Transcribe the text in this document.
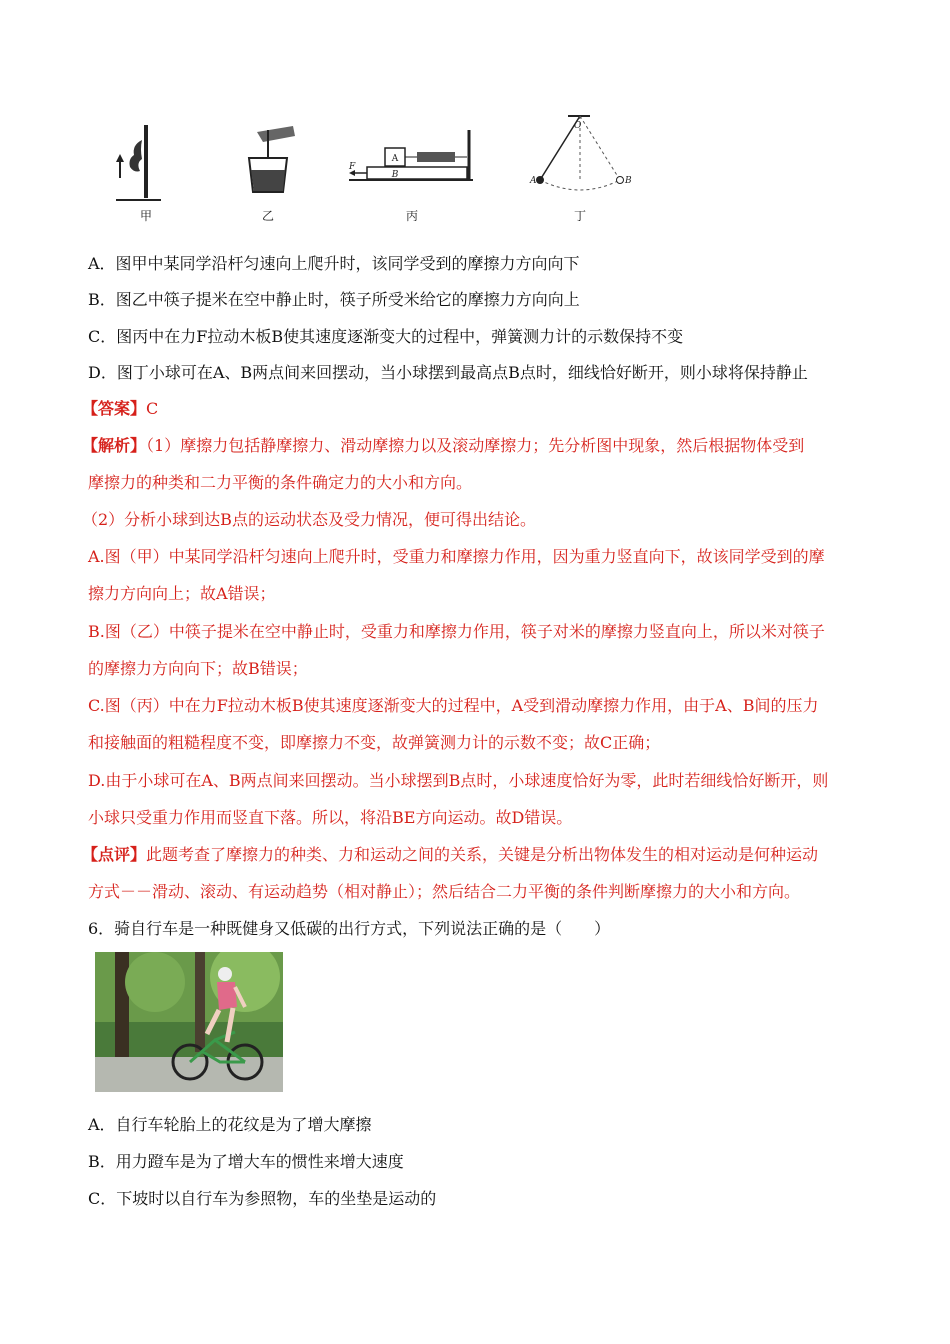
甲	乙
A
B
F
丙
O
A	B
丁
A．图甲中某同学沿杆匀速向上爬升时，该同学受到的摩擦力方向向下
B．图乙中筷子提米在空中静止时，筷子所受米给它的摩擦力方向向上
C．图丙中在力F拉动木板B使其速度逐渐变大的过程中，弹簧测力计的示数保持不变
D．图丁小球可在A、B两点间来回摆动，当小球摆到最高点B点时，细线恰好断开，则小球将保持静止
【答案】C
【解析】（1）摩擦力包括静摩擦力、滑动摩擦力以及滚动摩擦力；先分析图中现象，然后根据物体受到
摩擦力的种类和二力平衡的条件确定力的大小和方向。
（2）分析小球到达B点的运动状态及受力情况，便可得出结论。
A.图（甲）中某同学沿杆匀速向上爬升时，受重力和摩擦力作用，因为重力竖直向下，故该同学受到的摩
擦力方向向上；故A错误；
B.图（乙）中筷子提米在空中静止时，受重力和摩擦力作用，筷子对米的摩擦力竖直向上，所以米对筷子
的摩擦力方向向下；故B错误；
C.图（丙）中在力F拉动木板B使其速度逐渐变大的过程中，A受到滑动摩擦力作用，由于A、B间的压力
和接触面的粗糙程度不变，即摩擦力不变，故弹簧测力计的示数不变；故C正确；
D.由于小球可在A、B两点间来回摆动。当小球摆到B点时，小球速度恰好为零，此时若细线恰好断开，则
小球只受重力作用而竖直下落。所以，将沿BE方向运动。故D错误。
【点评】此题考查了摩擦力的种类、力和运动之间的关系，关键是分析出物体发生的相对运动是何种运动
方式－－滑动、滚动、有运动趋势（相对静止）；然后结合二力平衡的条件判断摩擦力的大小和方向。
6．骑自行车是一种既健身又低碳的出行方式，下列说法正确的是（　　）
A．自行车轮胎上的花纹是为了增大摩擦
B．用力蹬车是为了增大车的惯性来增大速度
C．下坡时以自行车为参照物，车的坐垫是运动的
